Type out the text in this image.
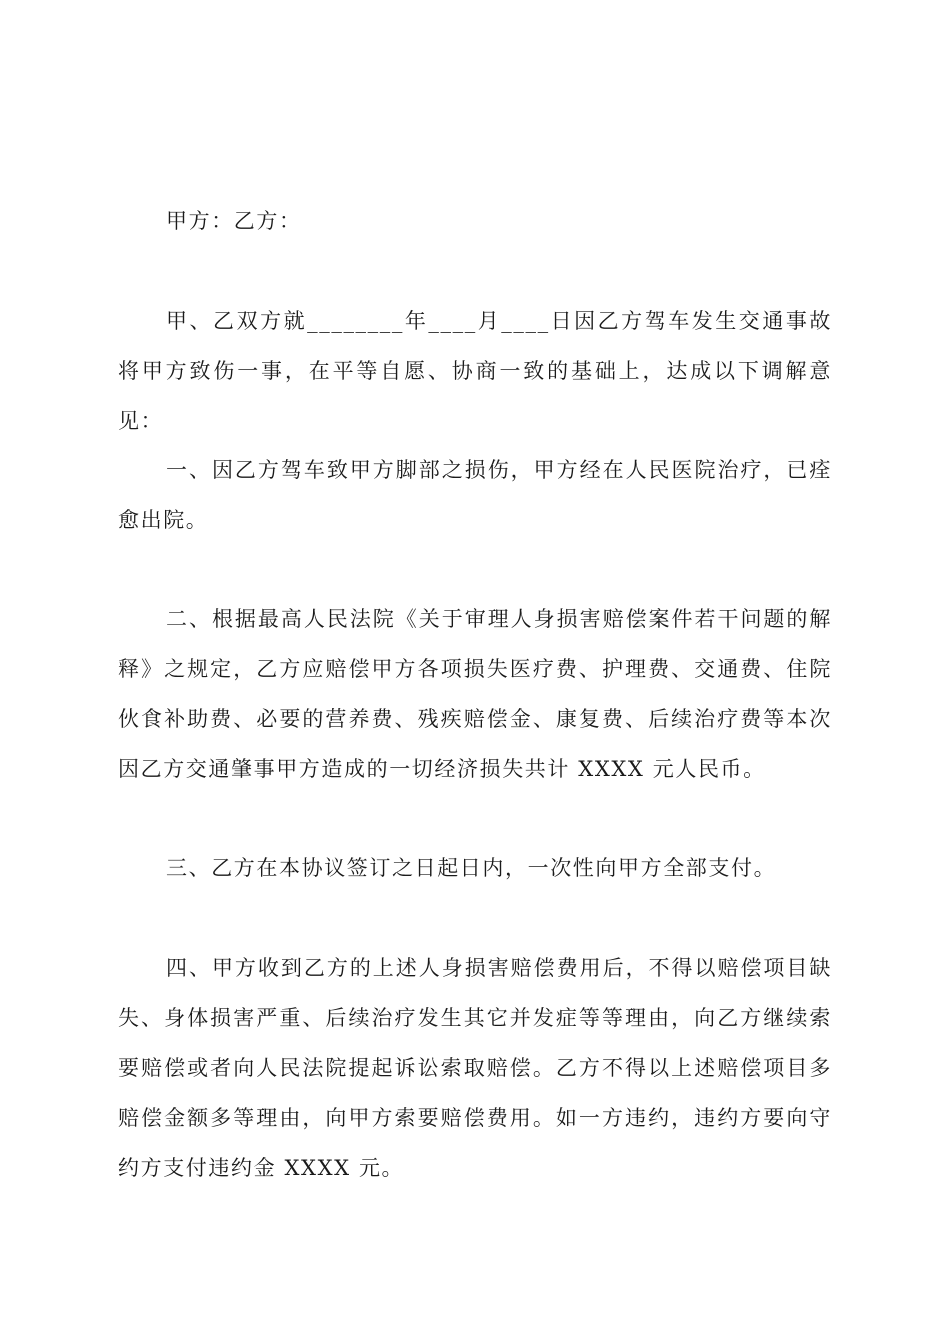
甲方：乙方：

甲、乙双方就________年____月____日因乙方驾车发生交通事故将甲方致伤一事，在平等自愿、协商一致的基础上，达成以下调解意见：

一、因乙方驾车致甲方脚部之损伤，甲方经在人民医院治疗，已痊愈出院。

二、根据最高人民法院《关于审理人身损害赔偿案件若干问题的解释》之规定，乙方应赔偿甲方各项损失医疗费、护理费、交通费、住院伙食补助费、必要的营养费、残疾赔偿金、康复费、后续治疗费等本次因乙方交通肇事甲方造成的一切经济损失共计 XXXX 元人民币。

三、乙方在本协议签订之日起日内，一次性向甲方全部支付。

四、甲方收到乙方的上述人身损害赔偿费用后，不得以赔偿项目缺失、身体损害严重、后续治疗发生其它并发症等等理由，向乙方继续索要赔偿或者向人民法院提起诉讼索取赔偿。乙方不得以上述赔偿项目多赔偿金额多等理由，向甲方索要赔偿费用。如一方违约，违约方要向守约方支付违约金 XXXX 元。
